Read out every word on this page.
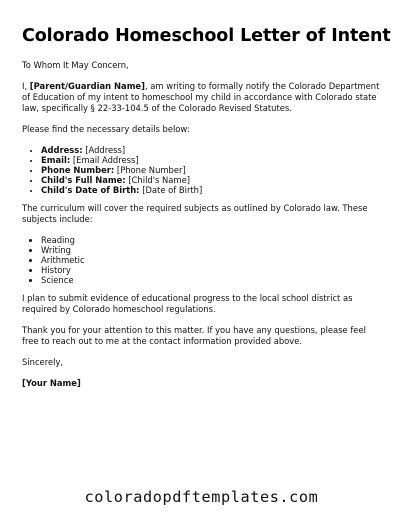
Colorado Homeschool Letter of Intent

To Whom It May Concern,

I, [Parent/Guardian Name], am writing to formally notify the Colorado Department of Education of my intent to homeschool my child in accordance with Colorado state law, specifically § 22-33-104.5 of the Colorado Revised Statutes.

Please find the necessary details below:

• Address: [Address]
• Email: [Email Address]
• Phone Number: [Phone Number]
• Child's Full Name: [Child's Name]
• Child's Date of Birth: [Date of Birth]

The curriculum will cover the required subjects as outlined by Colorado law. These subjects include:

• Reading
• Writing
• Arithmetic
• History
• Science

I plan to submit evidence of educational progress to the local school district as required by Colorado homeschool regulations.

Thank you for your attention to this matter. If you have any questions, please feel free to reach out to me at the contact information provided above.

Sincerely,

[Your Name]

coloradopdftemplates.com
